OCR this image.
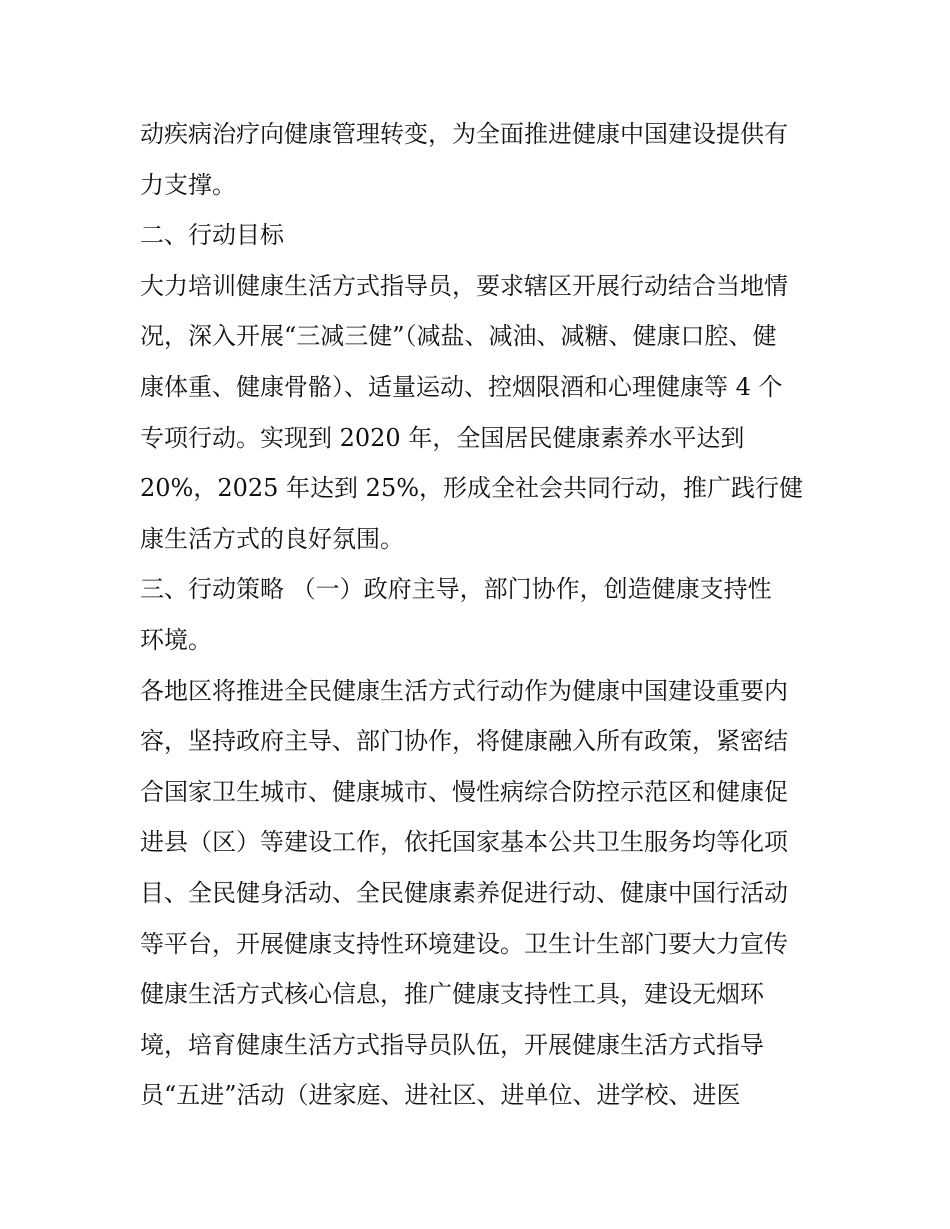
动疾病治疗向健康管理转变，为全面推进健康中国建设提供有
力支撑。
二、行动目标
大力培训健康生活方式指导员，要求辖区开展行动结合当地情
况，深入开展“三减三健”（减盐、减油、减糖、健康口腔、健
康体重、健康骨骼）、适量运动、控烟限酒和心理健康等 4 个
专项行动。实现到 2020 年，全国居民健康素养水平达到
20%，2025 年达到 25%，形成全社会共同行动，推广践行健
康生活方式的良好氛围。
三、行动策略 （一）政府主导，部门协作，创造健康支持性
环境。
各地区将推进全民健康生活方式行动作为健康中国建设重要内
容，坚持政府主导、部门协作，将健康融入所有政策，紧密结
合国家卫生城市、健康城市、慢性病综合防控示范区和健康促
进县（区）等建设工作，依托国家基本公共卫生服务均等化项
目、全民健身活动、全民健康素养促进行动、健康中国行活动
等平台，开展健康支持性环境建设。卫生计生部门要大力宣传
健康生活方式核心信息，推广健康支持性工具，建设无烟环
境，培育健康生活方式指导员队伍，开展健康生活方式指导
员“五进”活动（进家庭、进社区、进单位、进学校、进医
